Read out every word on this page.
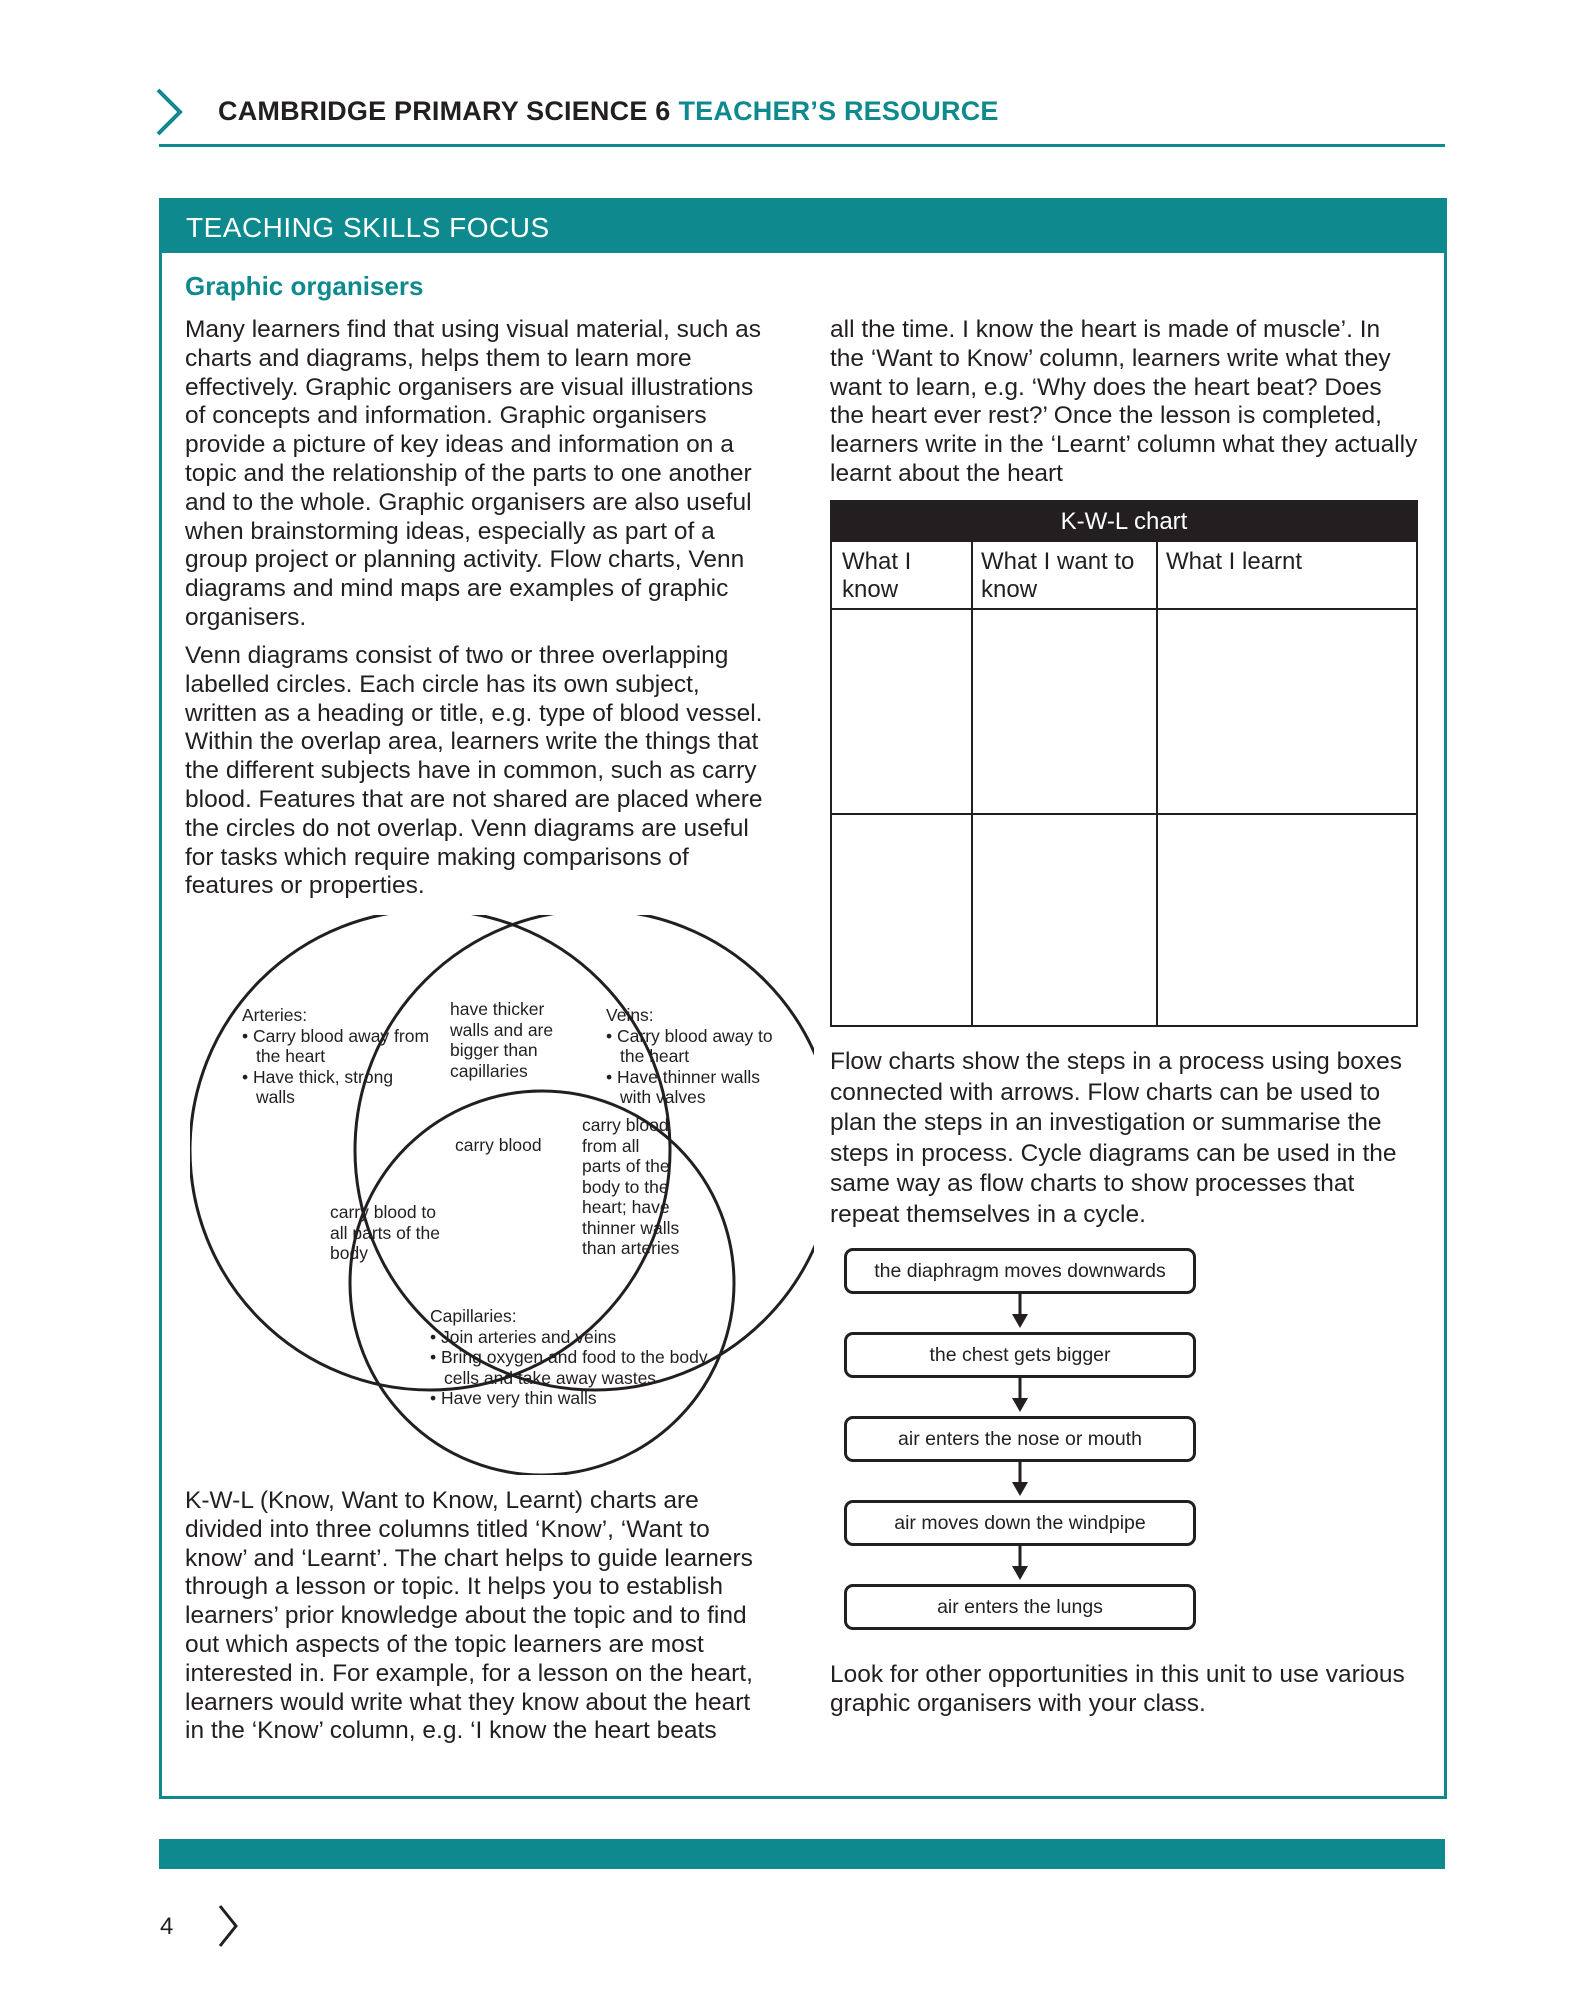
CAMBRIDGE PRIMARY SCIENCE 6 TEACHER’S RESOURCE
TEACHING SKILLS FOCUS
Graphic organisers

Many learners find that using visual material, such as charts and diagrams, helps them to learn more effectively. Graphic organisers are visual illustrations of concepts and information. Graphic organisers provide a picture of key ideas and information on a topic and the relationship of the parts to one another and to the whole. Graphic organisers are also useful when brainstorming ideas, especially as part of a group project or planning activity. Flow charts, Venn diagrams and mind maps are examples of graphic organisers.

Venn diagrams consist of two or three overlapping labelled circles. Each circle has its own subject, written as a heading or title, e.g. type of blood vessel. Within the overlap area, learners write the things that the different subjects have in common, such as carry blood. Features that are not shared are placed where the circles do not overlap. Venn diagrams are useful for tasks which require making comparisons of features or properties.

Arteries:
• Carry blood away from the heart
• Have thick, strong walls
have thicker walls and are bigger than capillaries
Veins:
• Carry blood away to the heart
• Have thinner walls with valves
carry blood
carry blood to all parts of the body
carry blood from all parts of the body to the heart; have thinner walls than arteries
Capillaries:
• Join arteries and veins
• Bring oxygen and food to the body cells and take away wastes
• Have very thin walls

K-W-L (Know, Want to Know, Learnt) charts are divided into three columns titled ‘Know’, ‘Want to know’ and ‘Learnt’. The chart helps to guide learners through a lesson or topic. It helps you to establish learners’ prior knowledge about the topic and to find out which aspects of the topic learners are most interested in. For example, for a lesson on the heart, learners would write what they know about the heart in the ‘Know’ column, e.g. ‘I know the heart beats

all the time. I know the heart is made of muscle’. In the ‘Want to Know’ column, learners write what they want to learn, e.g. ‘Why does the heart beat? Does the heart ever rest?’ Once the lesson is completed, learners write in the ‘Learnt’ column what they actually learnt about the heart

K-W-L chart
What I know
What I want to know
What I learnt

Flow charts show the steps in a process using boxes connected with arrows. Flow charts can be used to plan the steps in an investigation or summarise the steps in process. Cycle diagrams can be used in the same way as flow charts to show processes that repeat themselves in a cycle.

the diaphragm moves downwards
the chest gets bigger
air enters the nose or mouth
air moves down the windpipe
air enters the lungs

Look for other opportunities in this unit to use various graphic organisers with your class.

4
